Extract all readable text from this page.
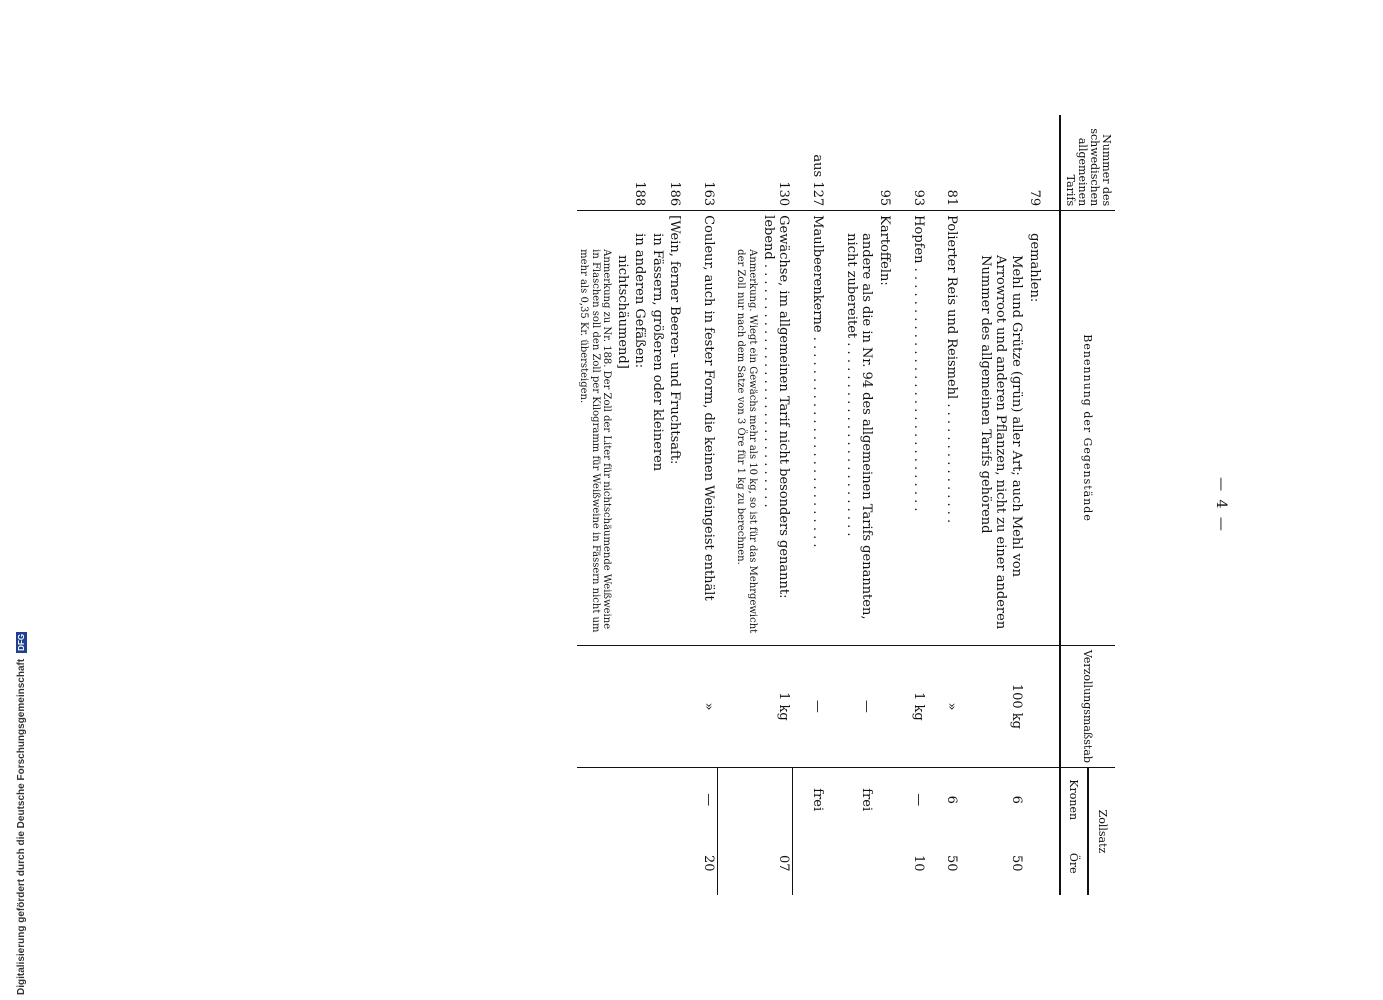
— 4 —
Nummer des schwedischen allgemeinen Tarifs	Benennung der Gegenstände	Verzollungsmaßstab	Zollsatz	
			Kronen	Öre

79	gemahlen:			
	Mehl und Grütze (grün) aller Art; auch Mehl von Arrowroot und anderen Pflanzen, nicht zu einer anderen Nummer des allgemeinen Tarifs gehörend	100 kg	6	50

81	Polierter Reis und Reismehl . . . . . . . . . . . . . . .	»	6	50

93	Hopfen . . . . . . . . . . . . . . . . . . . . . . . . . . . . . .	1 kg	—	10

95	Kartoffeln:			
	andere als die in Nr. 94 des allgemeinen Tarifs genannten, nicht zubereitet . . . . . . . . . . . . . . . . . . . . . . . .	—	frei	

aus 127	Maulbeerenkerne . . . . . . . . . . . . . . . . . . . . . . . . . .	—	frei	

130	Gewächse, im allgemeinen Tarif nicht besonders genannt: lebend . . . . . . . . . . . . . . . . . . . . . . . . . . . . . .	1 kg		07
	Anmerkung. Wiegt ein Gewächs mehr als 10 kg, so ist für das Mehrgewicht der Zoll nur nach dem Satze von 3 Öre für 1 kg zu berechnen.			

163	Couleur, auch in fester Form, die keinen Weingeist enthält	»	—	20

186	[Wein, ferner Beeren- und Fruchtsaft:			
	in Fässern, größeren oder kleineren			
188	in anderen Gefäßen:			
	nichtschäumend]			
	Anmerkung zu Nr. 188. Der Zoll der Liter für nichtschäumende Weißweine in Flaschen soll den Zoll per Kilogramm für Weißweine in Fässern nicht um mehr als 0,35 Kr. übersteigen.			
Digitalisierung gefördert durch die Deutsche Forschungsgemeinschaft
DFG
